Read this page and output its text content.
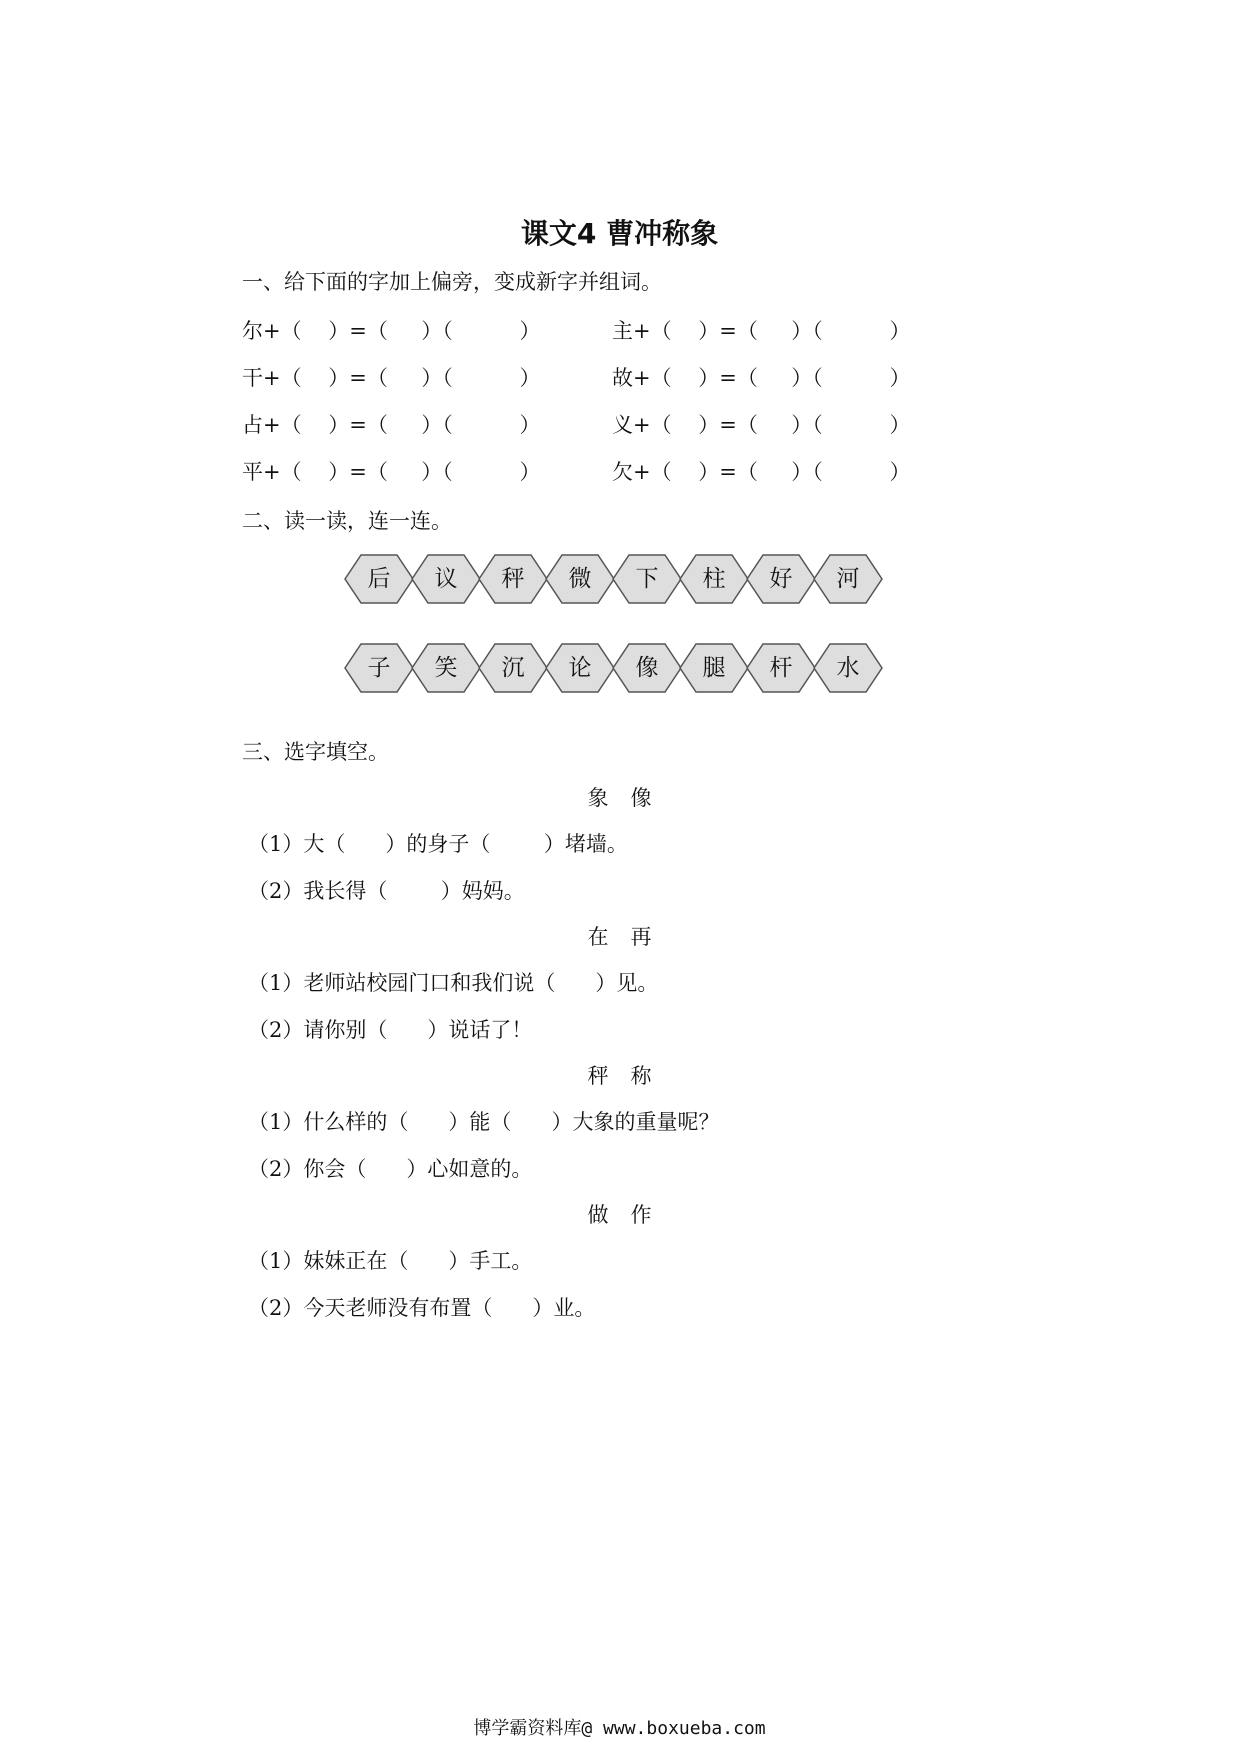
课文4 曹冲称象
一、给下面的字加上偏旁，变成新字并组词。
尔+（    ）=（     ）（          ）	主+（    ）=（     ）（          ）
干+（    ）=（     ）（          ）	故+（    ）=（     ）（          ）
占+（    ）=（     ）（          ）	义+（    ）=（     ）（          ）
平+（    ）=（     ）（          ）	欠+（    ）=（     ）（          ）
二、读一读，连一连。
后	议	秤	微	下	柱	好	河
子	笑	沉	论	像	腿	杆	水
三、选字填空。
象 像
（1）大（      ）的身子（        ）堵墙。
（2）我长得（        ）妈妈。
在 再
（1）老师站校园门口和我们说（      ）见。
（2）请你别（      ）说话了！
秤 称
（1）什么样的（      ）能（      ）大象的重量呢？
（2）你会（      ）心如意的。
做 作
（1）妹妹正在（      ）手工。
（2）今天老师没有布置（      ）业。
博学霸资料库@ www.boxueba.com
